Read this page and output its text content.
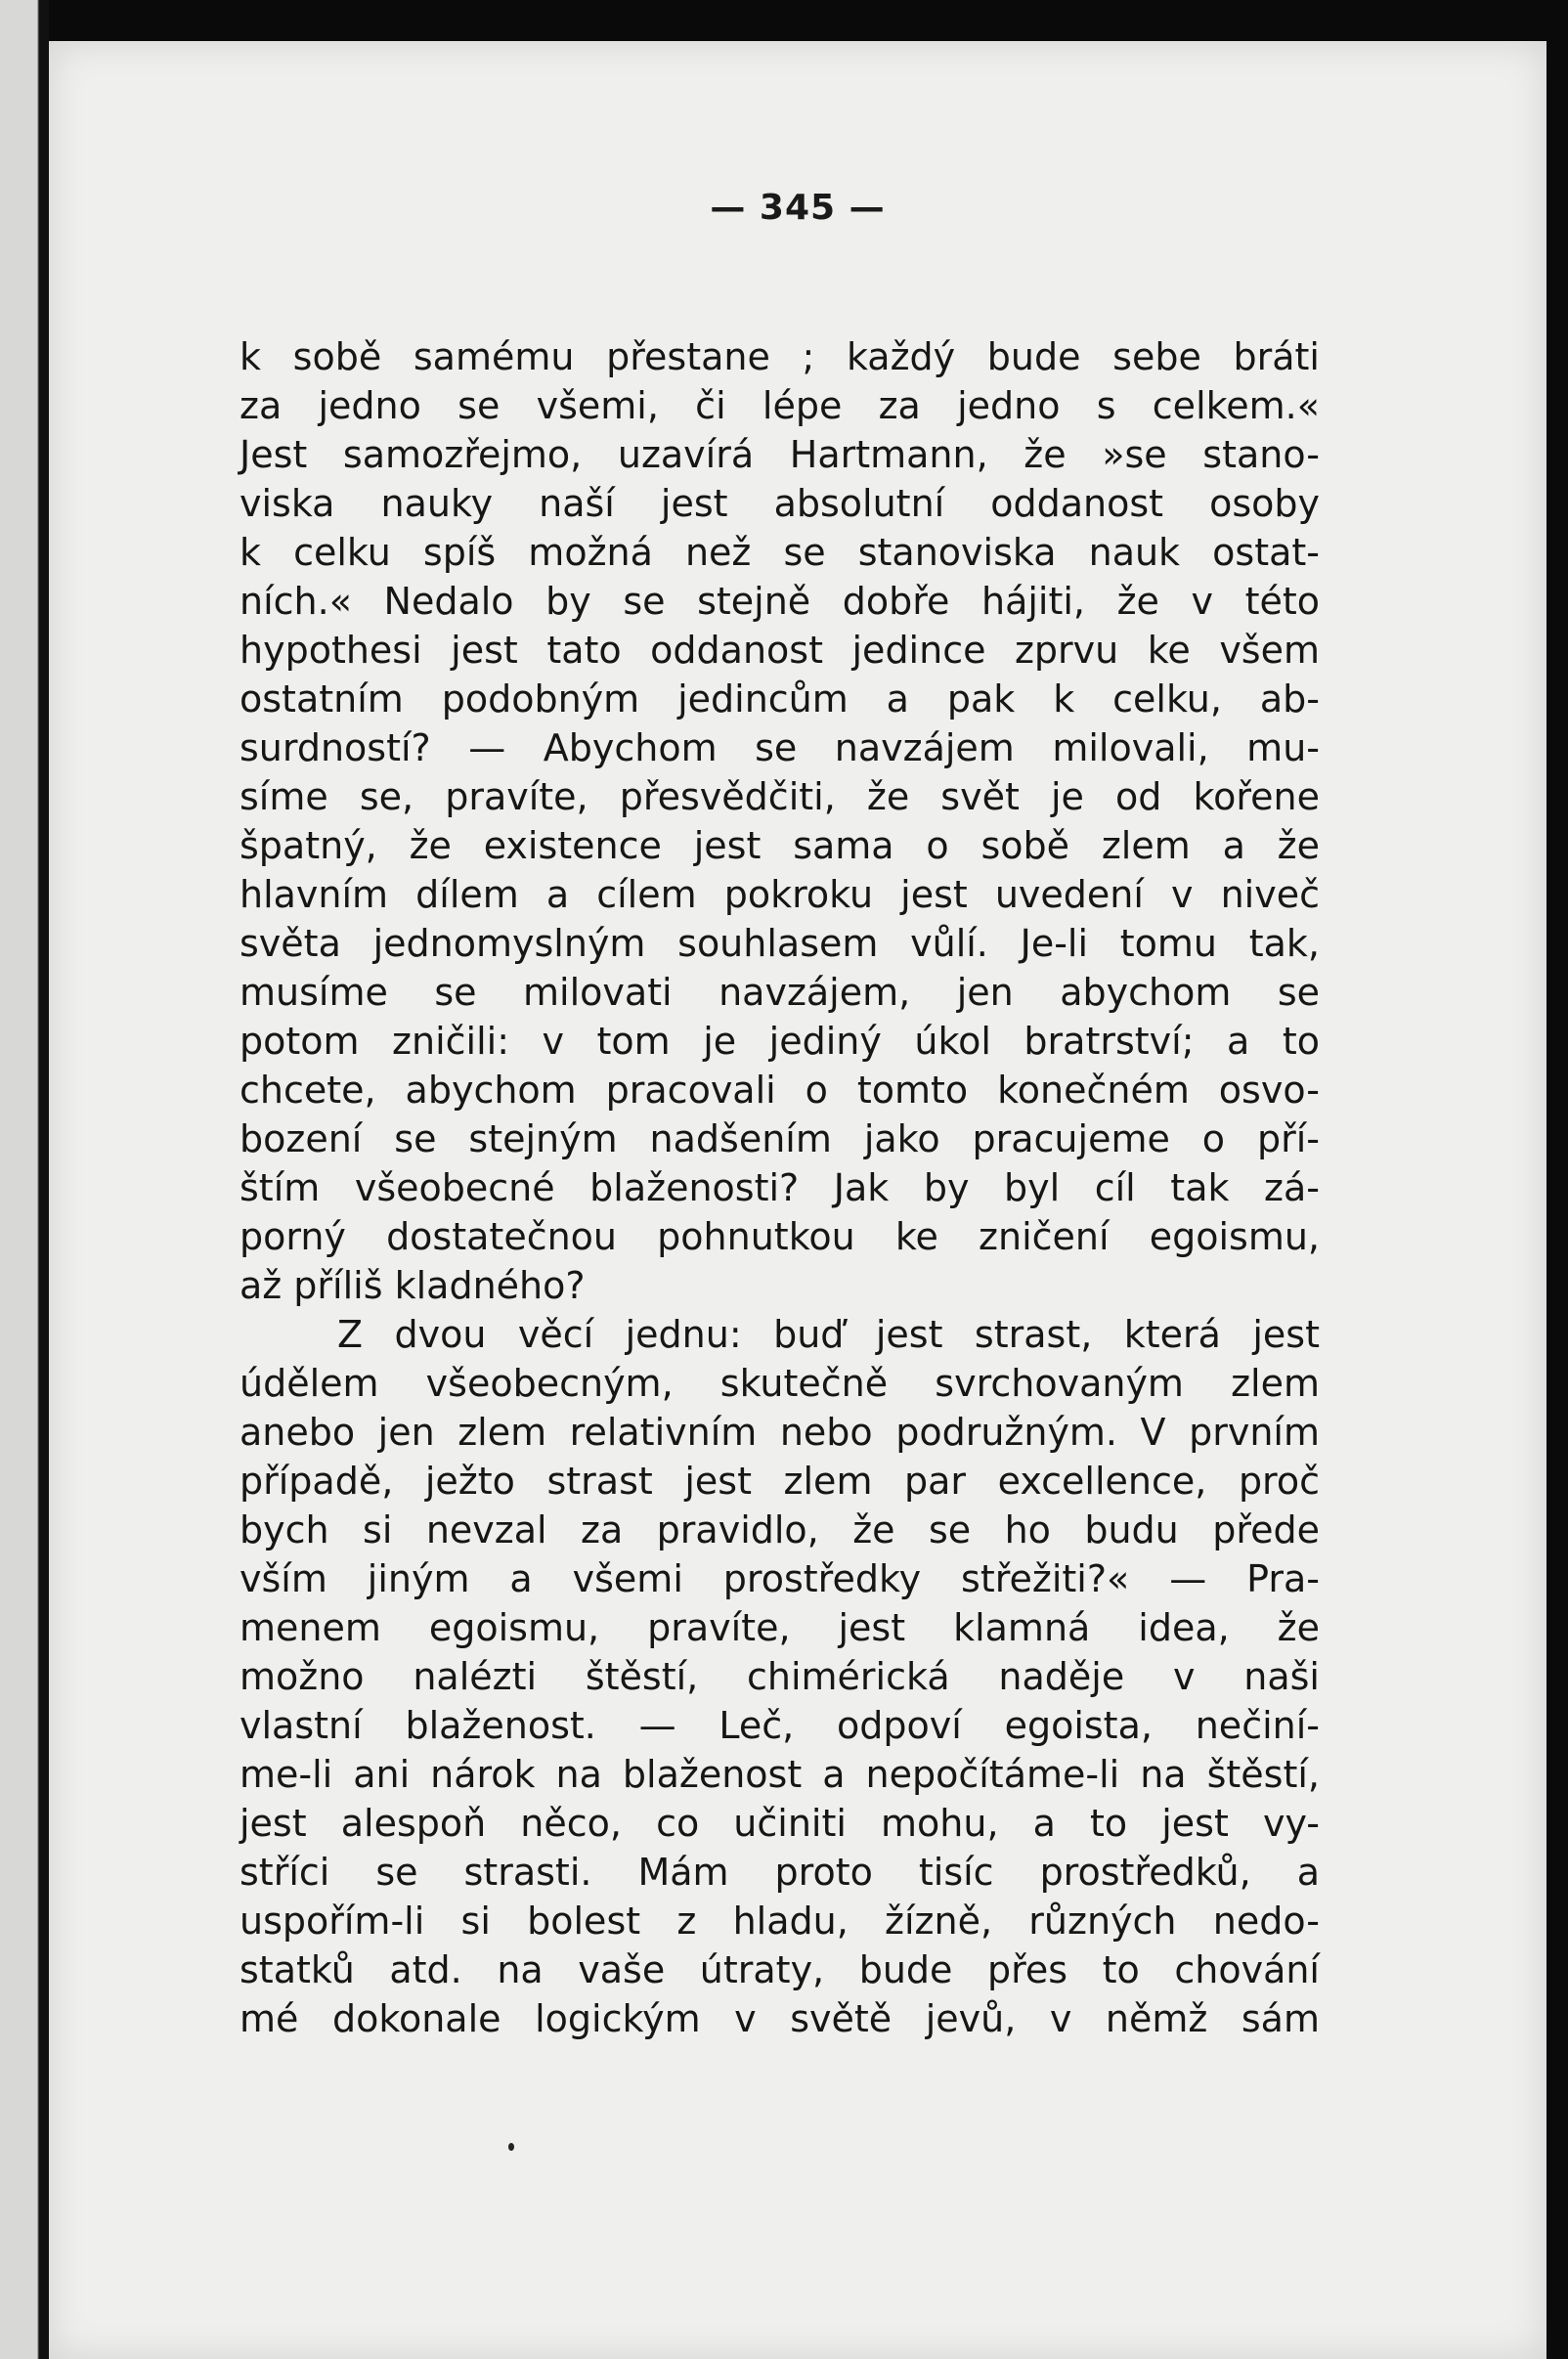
— 345 —
k sobě samému přestane ; každý bude sebe bráti
za jedno se všemi, či lépe za jedno s celkem.«
Jest samozřejmo, uzavírá Hartmann, že »se stano-
viska nauky naší jest absolutní oddanost osoby
k celku spíš možná než se stanoviska nauk ostat-
ních.« Nedalo by se stejně dobře hájiti, že v této
hypothesi jest tato oddanost jedince zprvu ke všem
ostatním podobným jedincům a pak k celku, ab-
surdností? — Abychom se navzájem milovali, mu-
síme se, pravíte, přesvědčiti, že svět je od kořene
špatný, že existence jest sama o sobě zlem a že
hlavním dílem a cílem pokroku jest uvedení v niveč
světa jednomyslným souhlasem vůlí. Je-li tomu tak,
musíme se milovati navzájem, jen abychom se
potom zničili: v tom je jediný úkol bratrství; a to
chcete, abychom pracovali o tomto konečném osvo-
bození se stejným nadšením jako pracujeme o pří-
štím všeobecné blaženosti? Jak by byl cíl tak zá-
porný dostatečnou pohnutkou ke zničení egoismu,
až příliš kladného?
Z dvou věcí jednu: buď jest strast, která jest
údělem všeobecným, skutečně svrchovaným zlem
anebo jen zlem relativním nebo podružným. V prvním
případě, ježto strast jest zlem par excellence, proč
bych si nevzal za pravidlo, že se ho budu přede
vším jiným a všemi prostředky střežiti?« — Pra-
menem egoismu, pravíte, jest klamná idea, že
možno nalézti štěstí, chimérická naděje v naši
vlastní blaženost. — Leč, odpoví egoista, nečiní-
me-li ani nárok na blaženost a nepočítáme-li na štěstí,
jest alespoň něco, co učiniti mohu, a to jest vy-
stříci se strasti. Mám proto tisíc prostředků, a
uspořím-li si bolest z hladu, žízně, různých nedo-
statků atd. na vaše útraty, bude přes to chování
mé dokonale logickým v světě jevů, v němž sám
